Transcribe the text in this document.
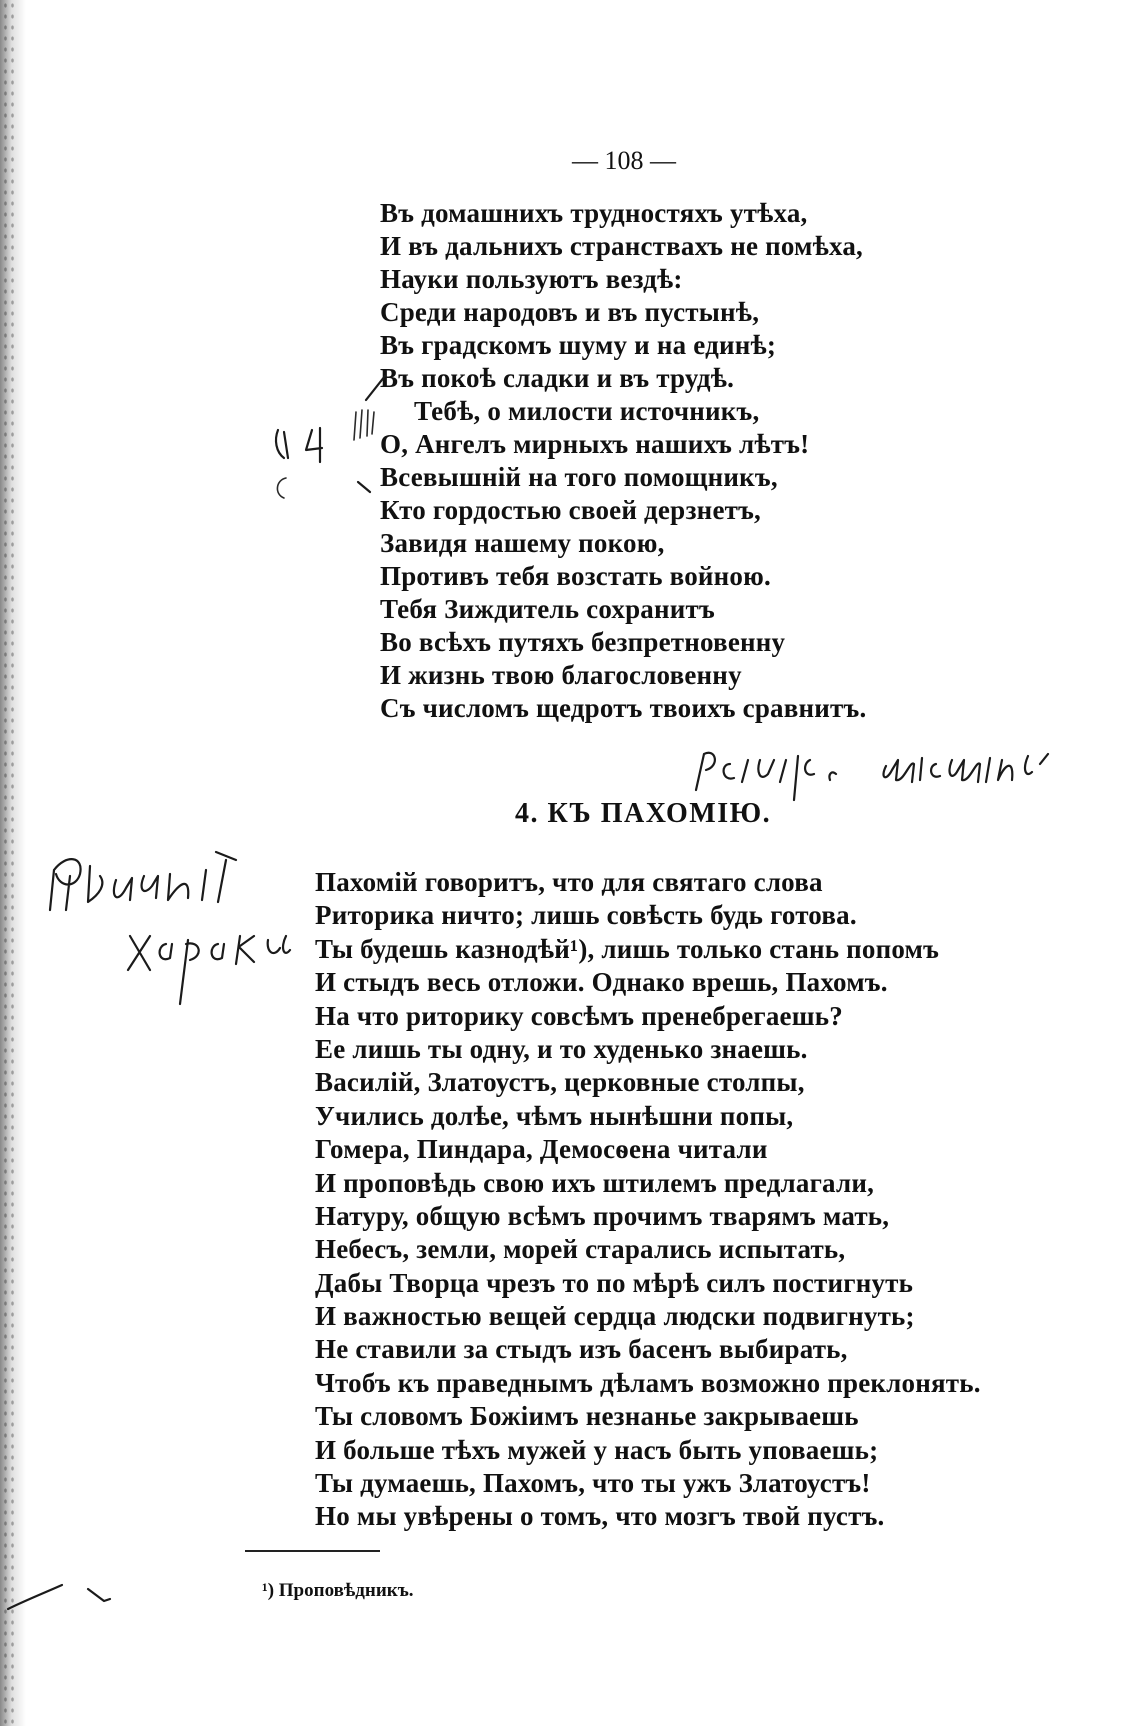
— 108 —
Въ домашнихъ трудностяхъ утѣха,
И въ дальнихъ странствахъ не помѣха,
Науки пользуютъ вездѣ:
Среди народовъ и въ пустынѣ,
Въ градскомъ шуму и на единѣ;
Въ покоѣ сладки и въ трудѣ.
Тебѣ, о милости источникъ,
О, Ангелъ мирныхъ нашихъ лѣтъ!
Всевышній на того помощникъ,
Кто гордостью своей дерзнетъ,
Завидя нашему покою,
Противъ тебя возстать войною.
Тебя Зиждитель сохранитъ
Во всѣхъ путяхъ безпретновенну
И жизнь твою благословенну
Съ числомъ щедротъ твоихъ сравнитъ.
4. КЪ ПАХОМІЮ.
Пахомій говоритъ, что для святаго слова
Риторика ничто; лишь совѣсть будь готова.
Ты будешь казнодѣй¹), лишь только стань попомъ
И стыдъ весь отложи. Однако врешь, Пахомъ.
На что риторику совсѣмъ пренебрегаешь?
Ее лишь ты одну, и то худенько знаешь.
Василій, Златоустъ, церковные столпы,
Учились долѣе, чѣмъ нынѣшни попы,
Гомера, Пиндара, Демосѳена читали
И проповѣдь свою ихъ штилемъ предлагали,
Натуру, общую всѣмъ прочимъ тварямъ мать,
Небесъ, земли, морей старались испытать,
Дабы Творца чрезъ то по мѣрѣ силъ постигнуть
И важностью вещей сердца людски подвигнуть;
Не ставили за стыдъ изъ басенъ выбирать,
Чтобъ къ праведнымъ дѣламъ возможно преклонять.
Ты словомъ Божіимъ незнанье закрываешь
И больше тѣхъ мужей у насъ быть уповаешь;
Ты думаешь, Пахомъ, что ты ужъ Златоустъ!
Но мы увѣрены о томъ, что мозгъ твой пустъ.
¹) Проповѣдникъ.
